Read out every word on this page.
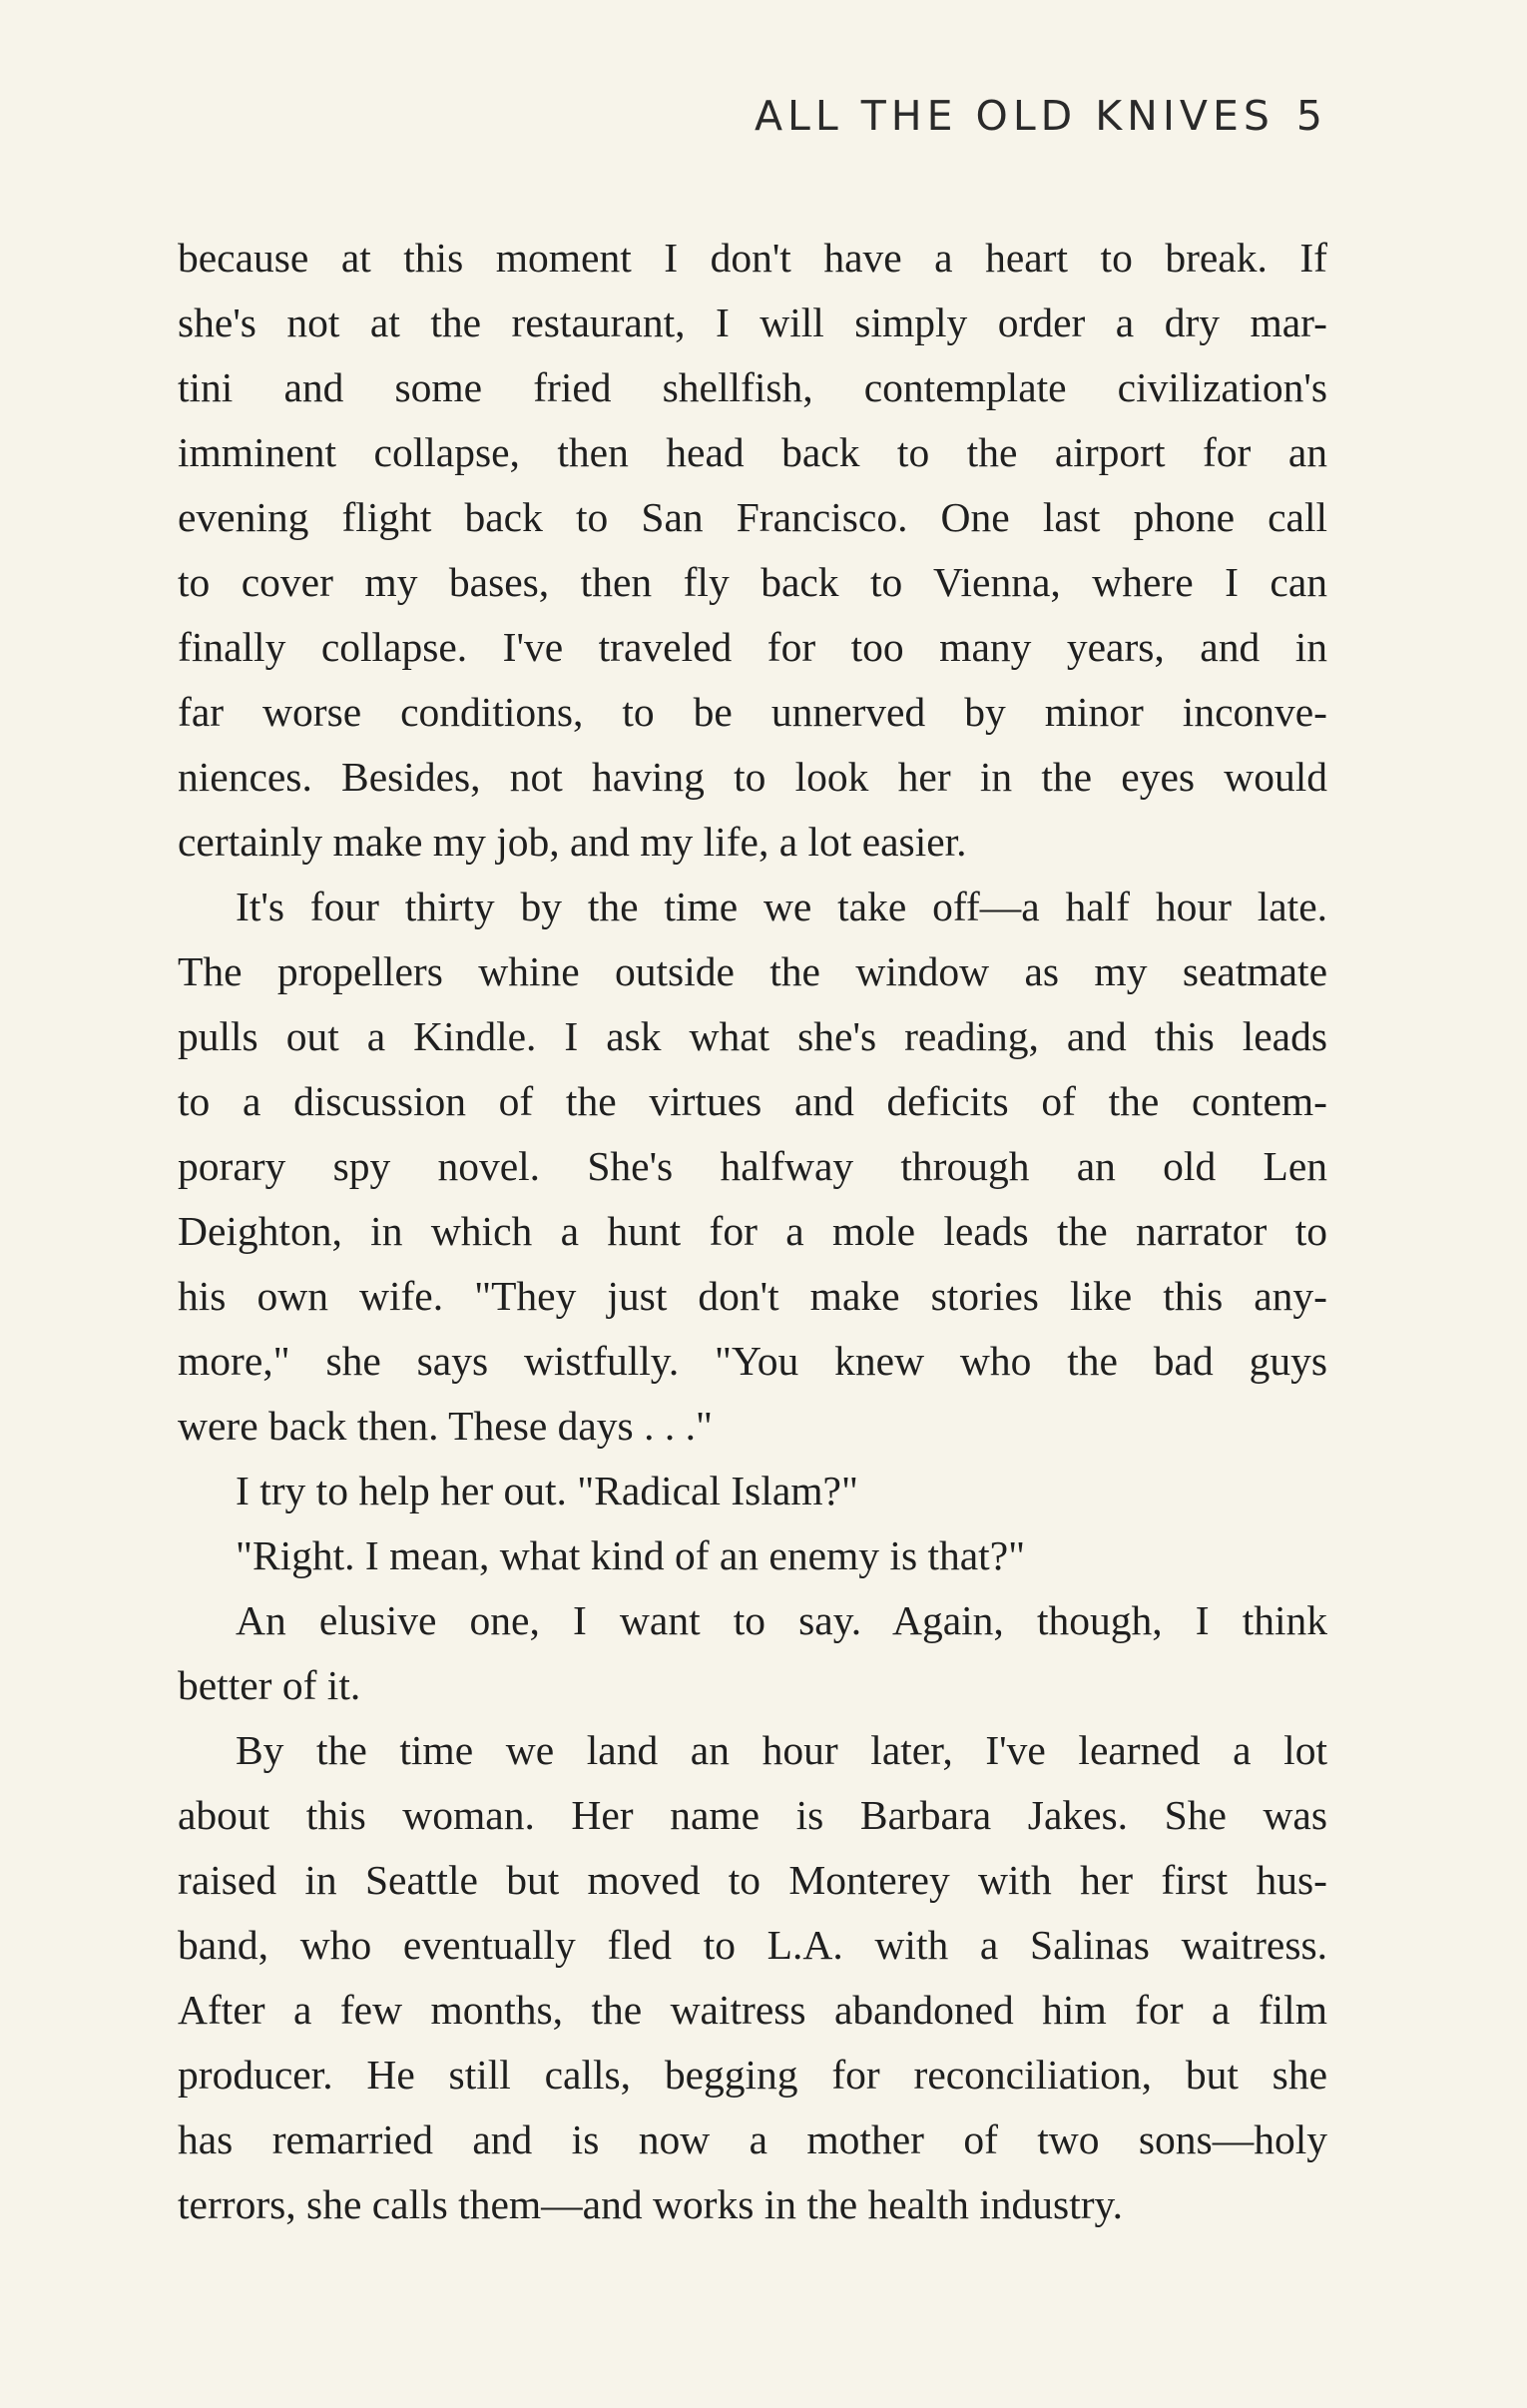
ALL THE OLD KNIVES 5
because at this moment I don't have a heart to break. If
she's not at the restaurant, I will simply order a dry mar-
tini and some fried shellfish, contemplate civilization's
imminent collapse, then head back to the airport for an
evening flight back to San Francisco. One last phone call
to cover my bases, then fly back to Vienna, where I can
finally collapse. I've traveled for too many years, and in
far worse conditions, to be unnerved by minor inconve-
niences. Besides, not having to look her in the eyes would
certainly make my job, and my life, a lot easier.
It's four thirty by the time we take off—a half hour late.
The propellers whine outside the window as my seatmate
pulls out a Kindle. I ask what she's reading, and this leads
to a discussion of the virtues and deficits of the contem-
porary spy novel. She's halfway through an old Len
Deighton, in which a hunt for a mole leads the narrator to
his own wife. "They just don't make stories like this any-
more," she says wistfully. "You knew who the bad guys
were back then. These days . . ."
I try to help her out. "Radical Islam?"
"Right. I mean, what kind of an enemy is that?"
An elusive one, I want to say. Again, though, I think
better of it.
By the time we land an hour later, I've learned a lot
about this woman. Her name is Barbara Jakes. She was
raised in Seattle but moved to Monterey with her first hus-
band, who eventually fled to L.A. with a Salinas waitress.
After a few months, the waitress abandoned him for a film
producer. He still calls, begging for reconciliation, but she
has remarried and is now a mother of two sons—holy
terrors, she calls them—and works in the health industry.
